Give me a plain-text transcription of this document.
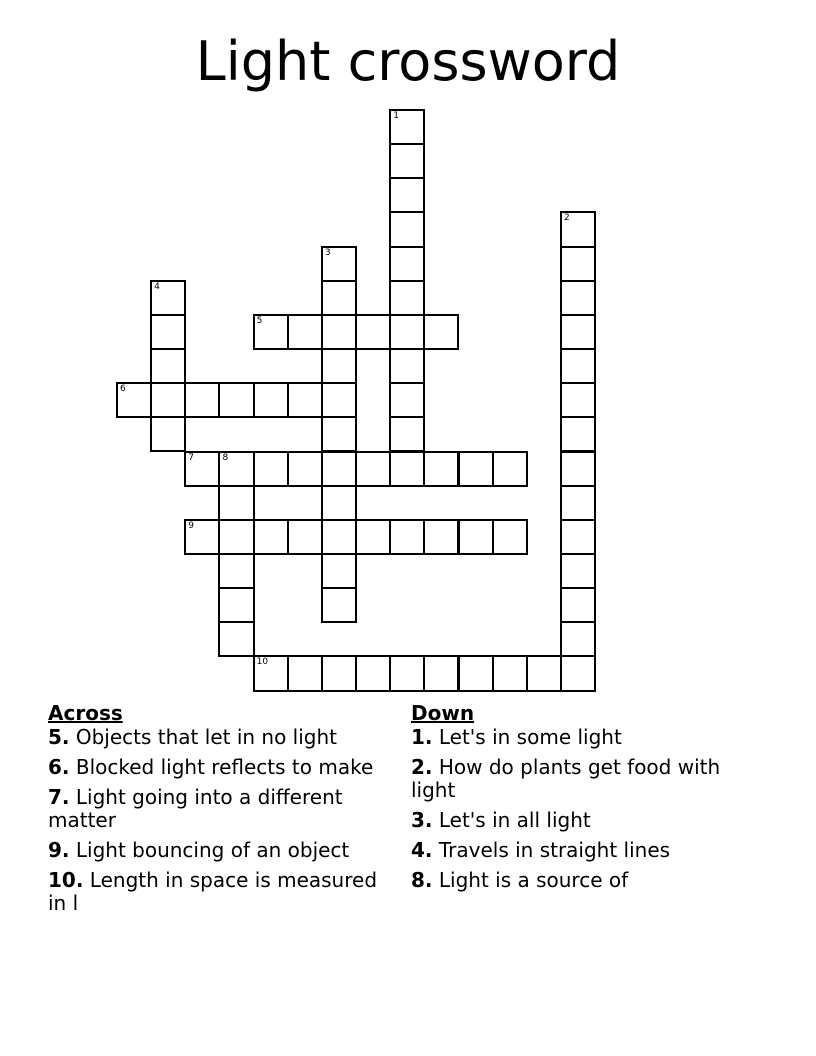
Light crossword
1
2
3
4
5
6
7	8
9
10
Across
5. Objects that let in no light
6. Blocked light reflects to make
7. Light going into a different matter
9. Light bouncing of an object
10. Length in space is measured in l
Down
1. Let's in some light
2. How do plants get food with light
3. Let's in all light
4. Travels in straight lines
8. Light is a source of
